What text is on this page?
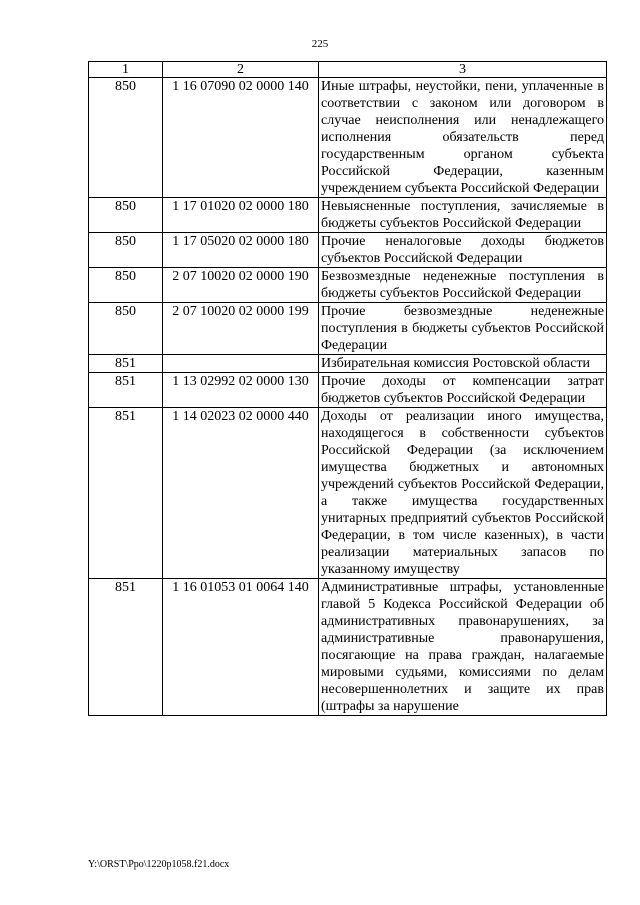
225
1	2	3
850	1 16 07090 02 0000 140	Иные штрафы, неустойки, пени, уплаченные в соответствии с законом или договором в случае неисполнения или ненадлежащего исполнения обязательств перед государственным органом субъекта Российской Федерации, казенным учреждением субъекта Российской Федерации
850	1 17 01020 02 0000 180	Невыясненные поступления, зачисляемые в бюджеты субъектов Российской Федерации
850	1 17 05020 02 0000 180	Прочие неналоговые доходы бюджетов субъектов Российской Федерации
850	2 07 10020 02 0000 190	Безвозмездные неденежные поступления в бюджеты субъектов Российской Федерации
850	2 07 10020 02 0000 199	Прочие безвозмездные неденежные поступления в бюджеты субъектов Российской Федерации
851		Избирательная комиссия Ростовской области
851	1 13 02992 02 0000 130	Прочие доходы от компенсации затрат бюджетов субъектов Российской Федерации
851	1 14 02023 02 0000 440	Доходы от реализации иного имущества, находящегося в собственности субъектов Российской Федерации (за исключением имущества бюджетных и автономных учреждений субъектов Российской Федерации, а также имущества государственных унитарных предприятий субъектов Российской Федерации, в том числе казенных), в части реализации материальных запасов по указанному имуществу
851	1 16 01053 01 0064 140	Административные штрафы, установленные главой 5 Кодекса Российской Федерации об административных правонарушениях, за административные правонарушения, посягающие на права граждан, налагаемые мировыми судьями, комиссиями по делам несовершеннолетних и защите их прав (штрафы за нарушение
Y:\ORST\Ppo\1220p1058.f21.docx
